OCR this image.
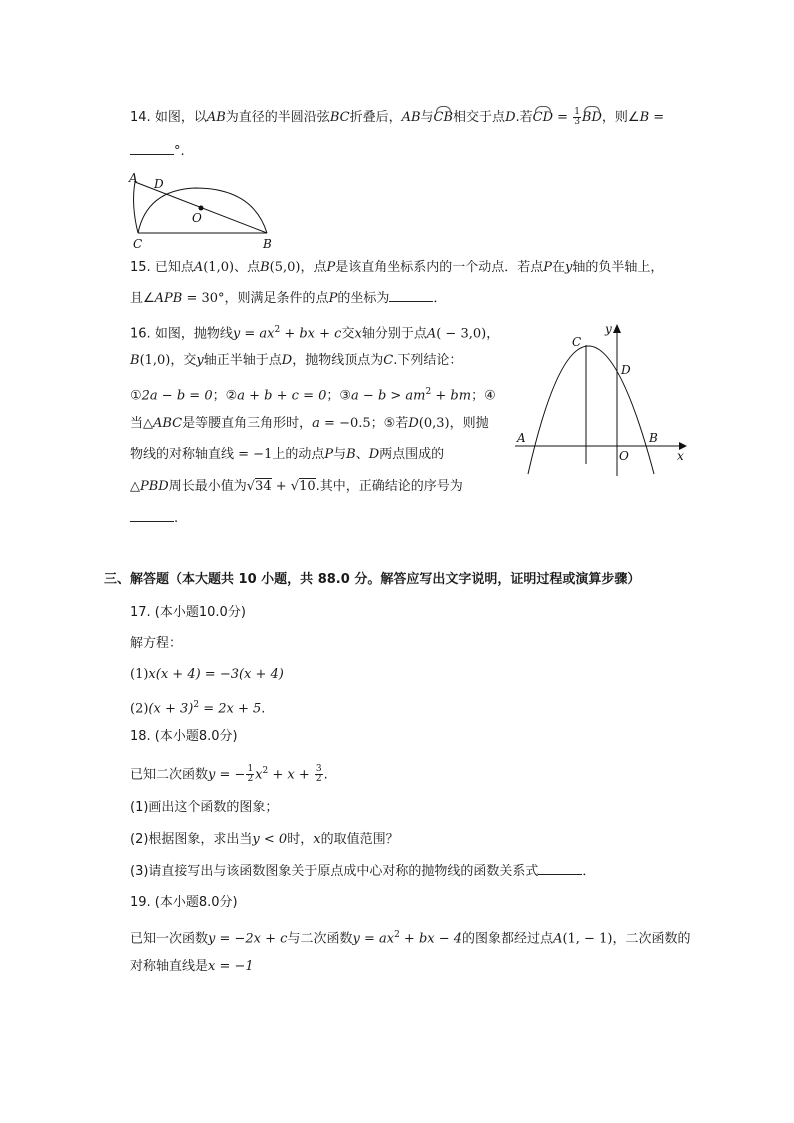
14. 如图，以AB为直径的半圆沿弦BC折叠后，AB与
CB相交于点D.若
CD = $\frac{1}{3}$ BD，则∠B =
°.
A D
O
C	B
15. 已知点A(1,0)、点B(5,0)，点P是该直角坐标系内的一个动点．若点P在y轴的负半轴上，
且∠APB = 30°，则满足条件的点P的坐标为	．
16. 如图，抛物线$y = ax^2$ + bx + c交x轴分别于点A( − 3,0)，
B(1,0)，交y轴正半轴于点D，抛物线顶点为C.下列结论：
①2a − b = 0；②a + b + c = 0；③a − $b > am^2$ + bm；④
当△ABC是等腰直角三角形时，a = −0.5；⑤若D(0,3)，则抛
物线的对称轴直线 = −1上的动点P与B、D两点围成的
△PBD周长最小值为√34 + √10.其中，正确结论的序号为
.
y
C
D
A	B
O	x
三、解答题（本大题共 10 小题，共 88.0 分。解答应写出文字说明，证明过程或演算步骤）
17. (本小题10.0分)
解方程：
(1)x(x + 4) = −3(x + 4)
$(2)(x + 3)^2 = 2x + 5$.
18. (本小题8.0分)
已知二次函数y = − $\frac{1}{2} x^2 + x + \frac{3}{2}$ .
(1)画出这个函数的图象；
(2)根据图象，求出当y < 0时，x的取值范围？
(3)请直接写出与该函数图象关于原点成中心对称的抛物线的函数关系式	．
19. (本小题8.0分)
已知一次函数y = −2x + c与二次函数$y = ax^2$ + bx − 4的图象都经过点A(1, − 1)，二次函数的
对称轴直线是x = −1
